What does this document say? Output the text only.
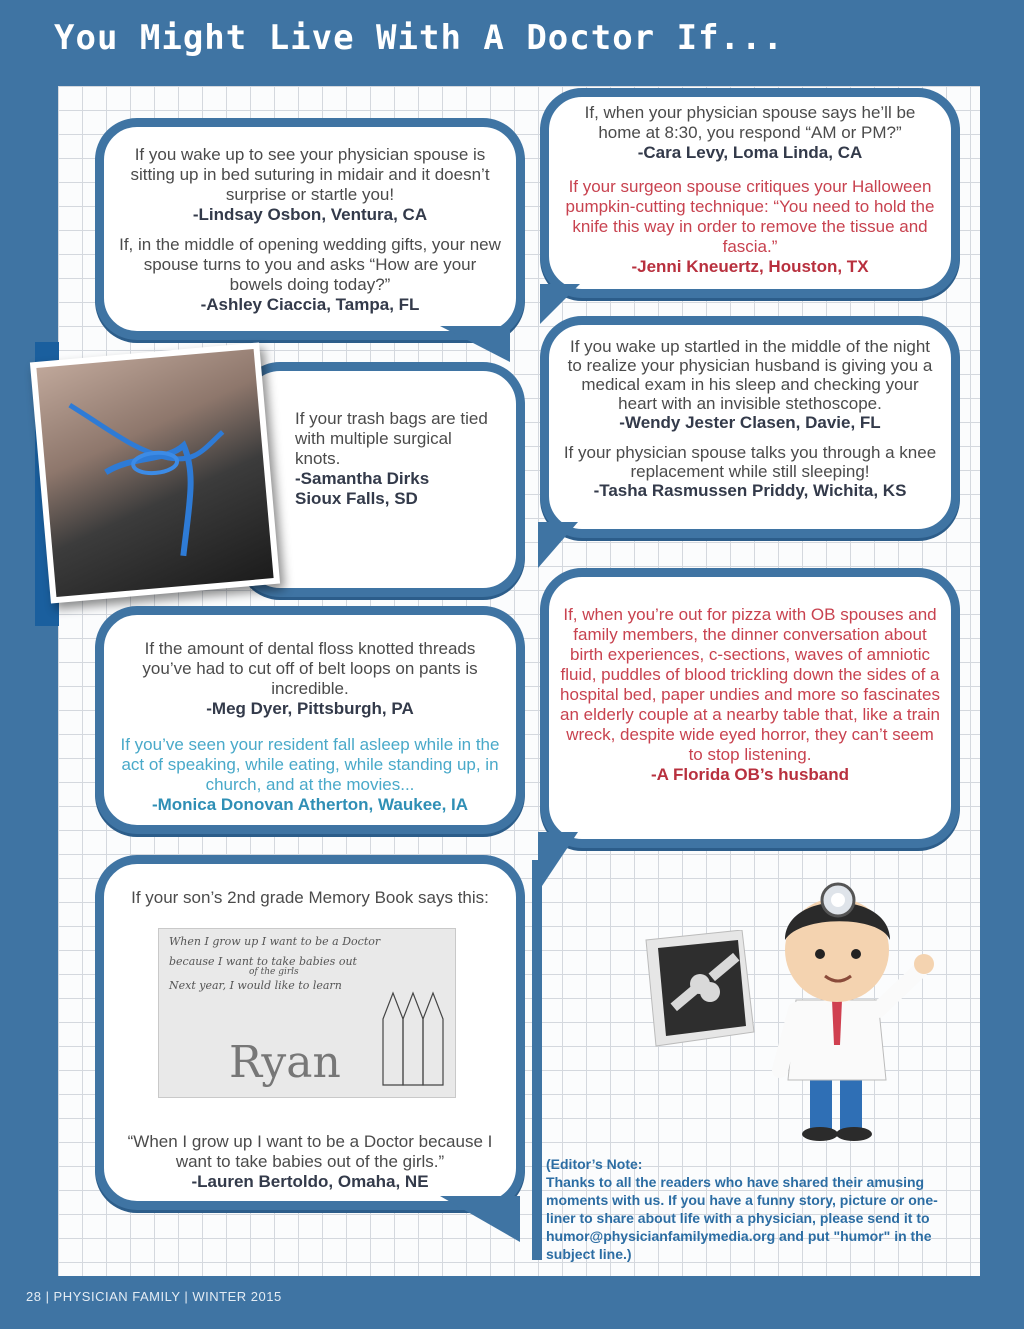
You Might Live With A Doctor If...

If you wake up to see your physician spouse is sitting up in bed suturing in midair and it doesn’t surprise or startle you!

-Lindsay Osbon, Ventura, CA

If, in the middle of opening wedding gifts, your new spouse turns to you and asks “How are your bowels doing today?”

-Ashley Ciaccia, Tampa, FL

If your trash bags are tied with multiple surgical knots.

-Samantha Dirks

Sioux Falls, SD

If the amount of dental floss knotted threads you’ve had to cut off of belt loops on pants is incredible.

-Meg Dyer, Pittsburgh, PA

If you’ve seen your resident fall asleep while in the act of speaking, while eating, while standing up, in church, and at the movies...

-Monica Donovan Atherton, Waukee, IA

If your son’s 2nd grade Memory Book says this:

“When I grow up I want to be a Doctor because I want to take babies out of the girls.”

-Lauren Bertoldo, Omaha, NE

When I grow up I want to be a Doctor
because I want to take babies out
of the girls
Next year, I would like to learn
Ryan

If, when your physician spouse says he’ll be home at 8:30, you respond “AM or PM?”

-Cara Levy, Loma Linda, CA

If your surgeon spouse critiques your Halloween pumpkin-cutting technique: “You need to hold the knife this way in order to remove the tissue and fascia.”

-Jenni Kneuertz, Houston, TX

If you wake up startled in the middle of the night to realize your physician husband is giving you a medical exam in his sleep and checking your heart with an invisible stethoscope.

-Wendy Jester Clasen, Davie, FL

If your physician spouse talks you through a knee replacement while still sleeping!

-Tasha Rasmussen Priddy, Wichita, KS

If, when you’re out for pizza with OB spouses and family members, the dinner conversation about birth experiences, c-sections, waves of amniotic fluid, puddles of blood trickling down the sides of a hospital bed, paper undies and more so fascinates an elderly couple at a nearby table that, like a train wreck, despite wide eyed horror, they can’t seem to stop listening.

-A Florida OB’s husband

(Editor’s Note:
Thanks to all the readers who have shared their amusing moments with us. If you have a funny story, picture or one-liner to share about life with a physician, please send it to humor@physicianfamilymedia.org and put "humor" in the subject line.)
28 | PHYSICIAN FAMILY | WINTER 2015
